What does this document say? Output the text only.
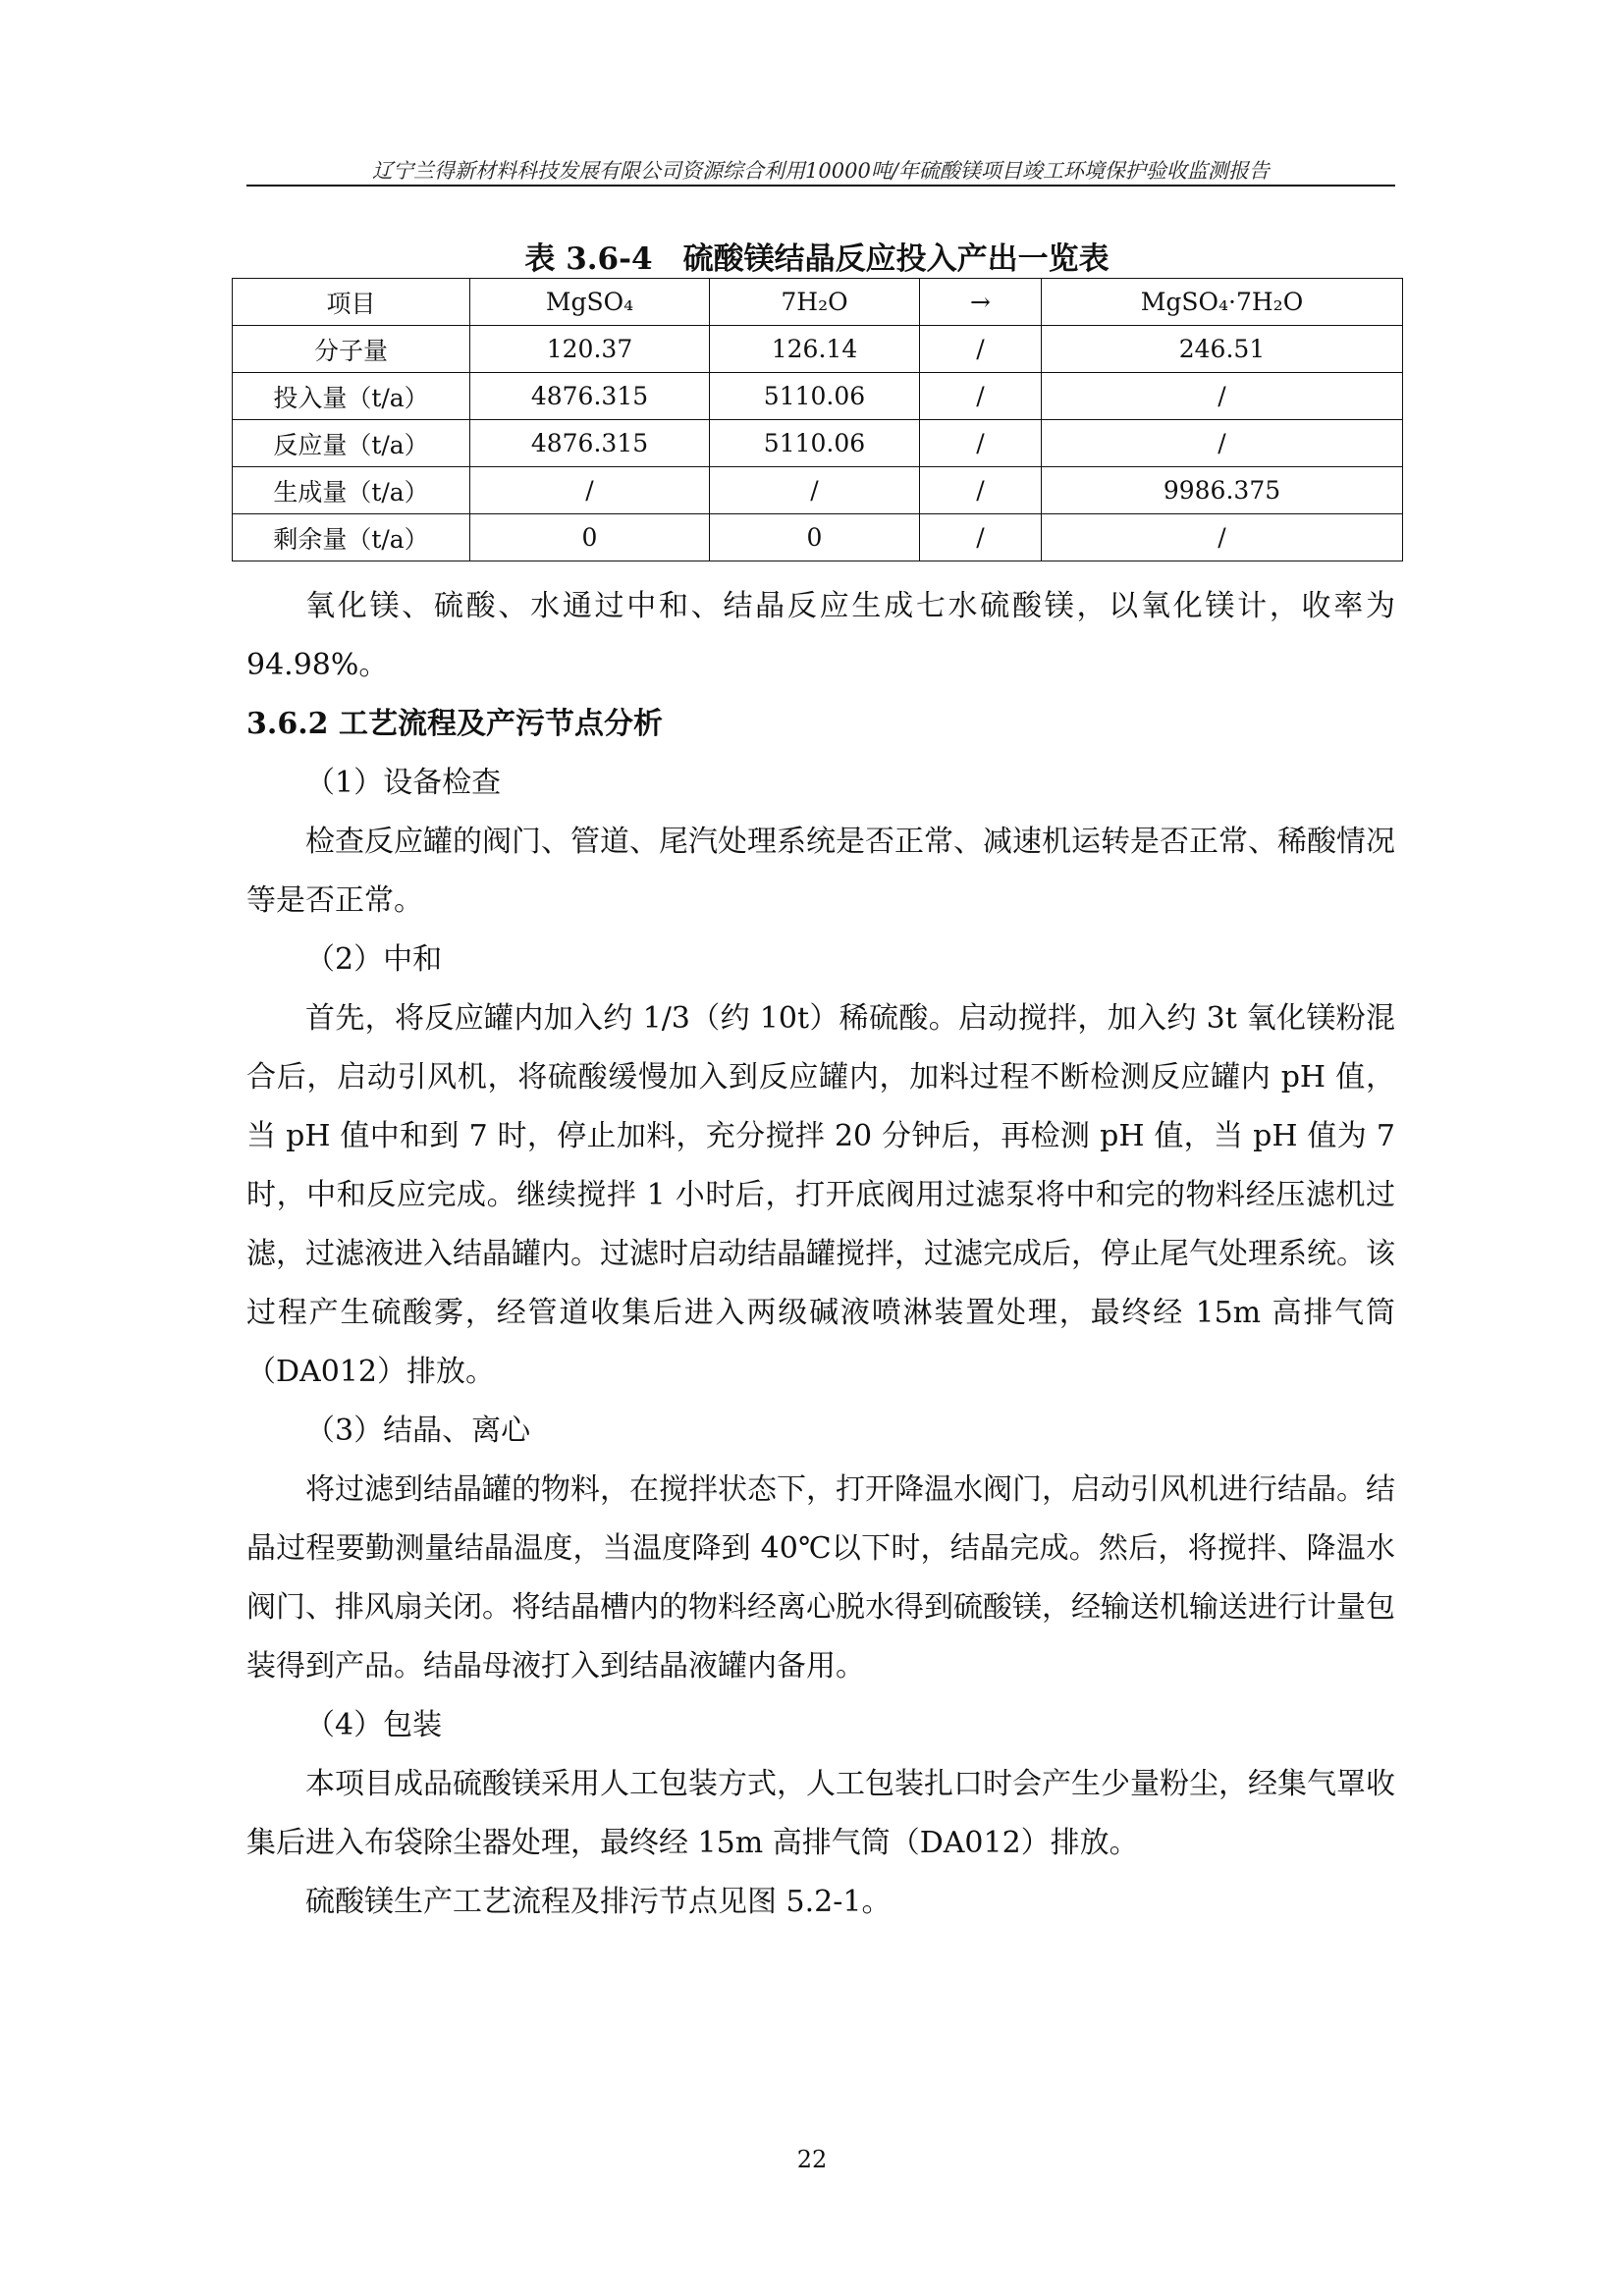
辽宁兰得新材料科技发展有限公司资源综合利用10000吨/年硫酸镁项目竣工环境保护验收监测报告
表 3.6-4　硫酸镁结晶反应投入产出一览表
项目	MgSO₄	7H₂O	→	MgSO₄·7H₂O
分子量	120.37	126.14	/	246.51
投入量（t/a）	4876.315	5110.06	/	/
反应量（t/a）	4876.315	5110.06	/	/
生成量（t/a）	/	/	/	9986.375
剩余量（t/a）	0	0	/	/

氧化镁、硫酸、水通过中和、结晶反应生成七水硫酸镁，以氧化镁计，收率为 94.98%。

3.6.2 工艺流程及产污节点分析

（1）设备检查

检查反应罐的阀门、管道、尾汽处理系统是否正常、减速机运转是否正常、稀酸情况等是否正常。

（2）中和

首先，将反应罐内加入约 1/3（约 10t）稀硫酸。启动搅拌，加入约 3t 氧化镁粉混合后，启动引风机，将硫酸缓慢加入到反应罐内，加料过程不断检测反应罐内 pH 值，当 pH 值中和到 7 时，停止加料，充分搅拌 20 分钟后，再检测 pH 值，当 pH 值为 7 时，中和反应完成。继续搅拌 1 小时后，打开底阀用过滤泵将中和完的物料经压滤机过滤，过滤液进入结晶罐内。过滤时启动结晶罐搅拌，过滤完成后，停止尾气处理系统。该过程产生硫酸雾，经管道收集后进入两级碱液喷淋装置处理，最终经 15m 高排气筒（DA012）排放。

（3）结晶、离心

将过滤到结晶罐的物料，在搅拌状态下，打开降温水阀门，启动引风机进行结晶。结晶过程要勤测量结晶温度，当温度降到 40℃以下时，结晶完成。然后，将搅拌、降温水阀门、排风扇关闭。将结晶槽内的物料经离心脱水得到硫酸镁，经输送机输送进行计量包装得到产品。结晶母液打入到结晶液罐内备用。

（4）包装

本项目成品硫酸镁采用人工包装方式，人工包装扎口时会产生少量粉尘，经集气罩收集后进入布袋除尘器处理，最终经 15m 高排气筒（DA012）排放。

硫酸镁生产工艺流程及排污节点见图 5.2-1。

22
